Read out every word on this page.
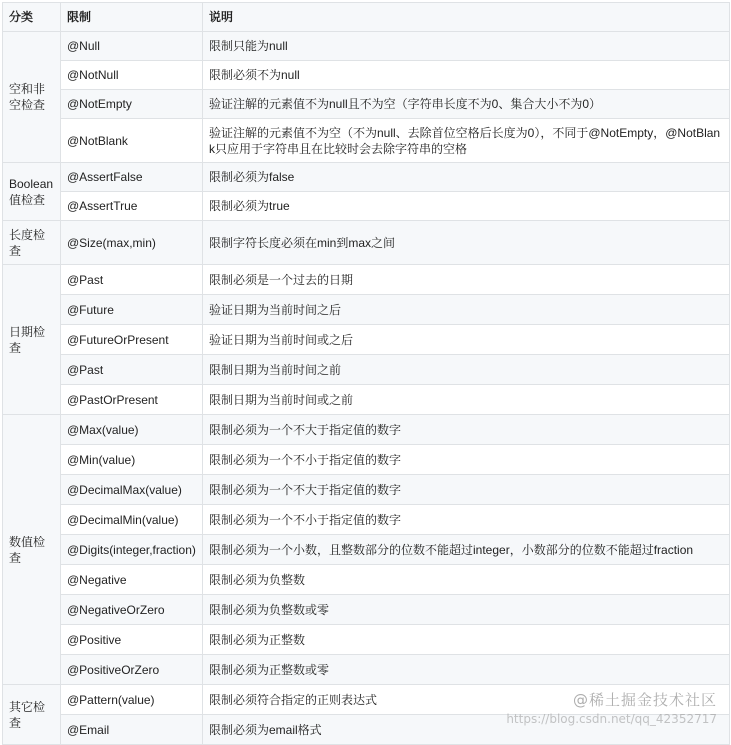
分类	限制	说明

空和非空检查	@Null	限制只能为null
	@NotNull	限制必须不为null
	@NotEmpty	验证注解的元素值不为null且不为空（字符串长度不为0、集合大小不为0）
	@NotBlank	验证注解的元素值不为空（不为null、去除首位空格后长度为0），不同于@NotEmpty，@NotBlank只应用于字符串且在比较时会去除字符串的空格

Boolean值检查	@AssertFalse	限制必须为false
	@AssertTrue	限制必须为true

长度检查	@Size(max,min)	限制字符长度必须在min到max之间

日期检查	@Past	限制必须是一个过去的日期
	@Future	验证日期为当前时间之后
	@FutureOrPresent	验证日期为当前时间或之后
	@Past	限制日期为当前时间之前
	@PastOrPresent	限制日期为当前时间或之前

数值检查	@Max(value)	限制必须为一个不大于指定值的数字
	@Min(value)	限制必须为一个不小于指定值的数字
	@DecimalMax(value)	限制必须为一个不大于指定值的数字
	@DecimalMin(value)	限制必须为一个不小于指定值的数字
	@Digits(integer,fraction)	限制必须为一个小数，且整数部分的位数不能超过integer，小数部分的位数不能超过fraction
	@Negative	限制必须为负整数
	@NegativeOrZero	限制必须为负整数或零
	@Positive	限制必须为正整数
	@PositiveOrZero	限制必须为正整数或零

其它检查	@Pattern(value)	限制必须符合指定的正则表达式
	@Email	限制必须为email格式
@稀土掘金技术社区
https://blog.csdn.net/qq_42352717
